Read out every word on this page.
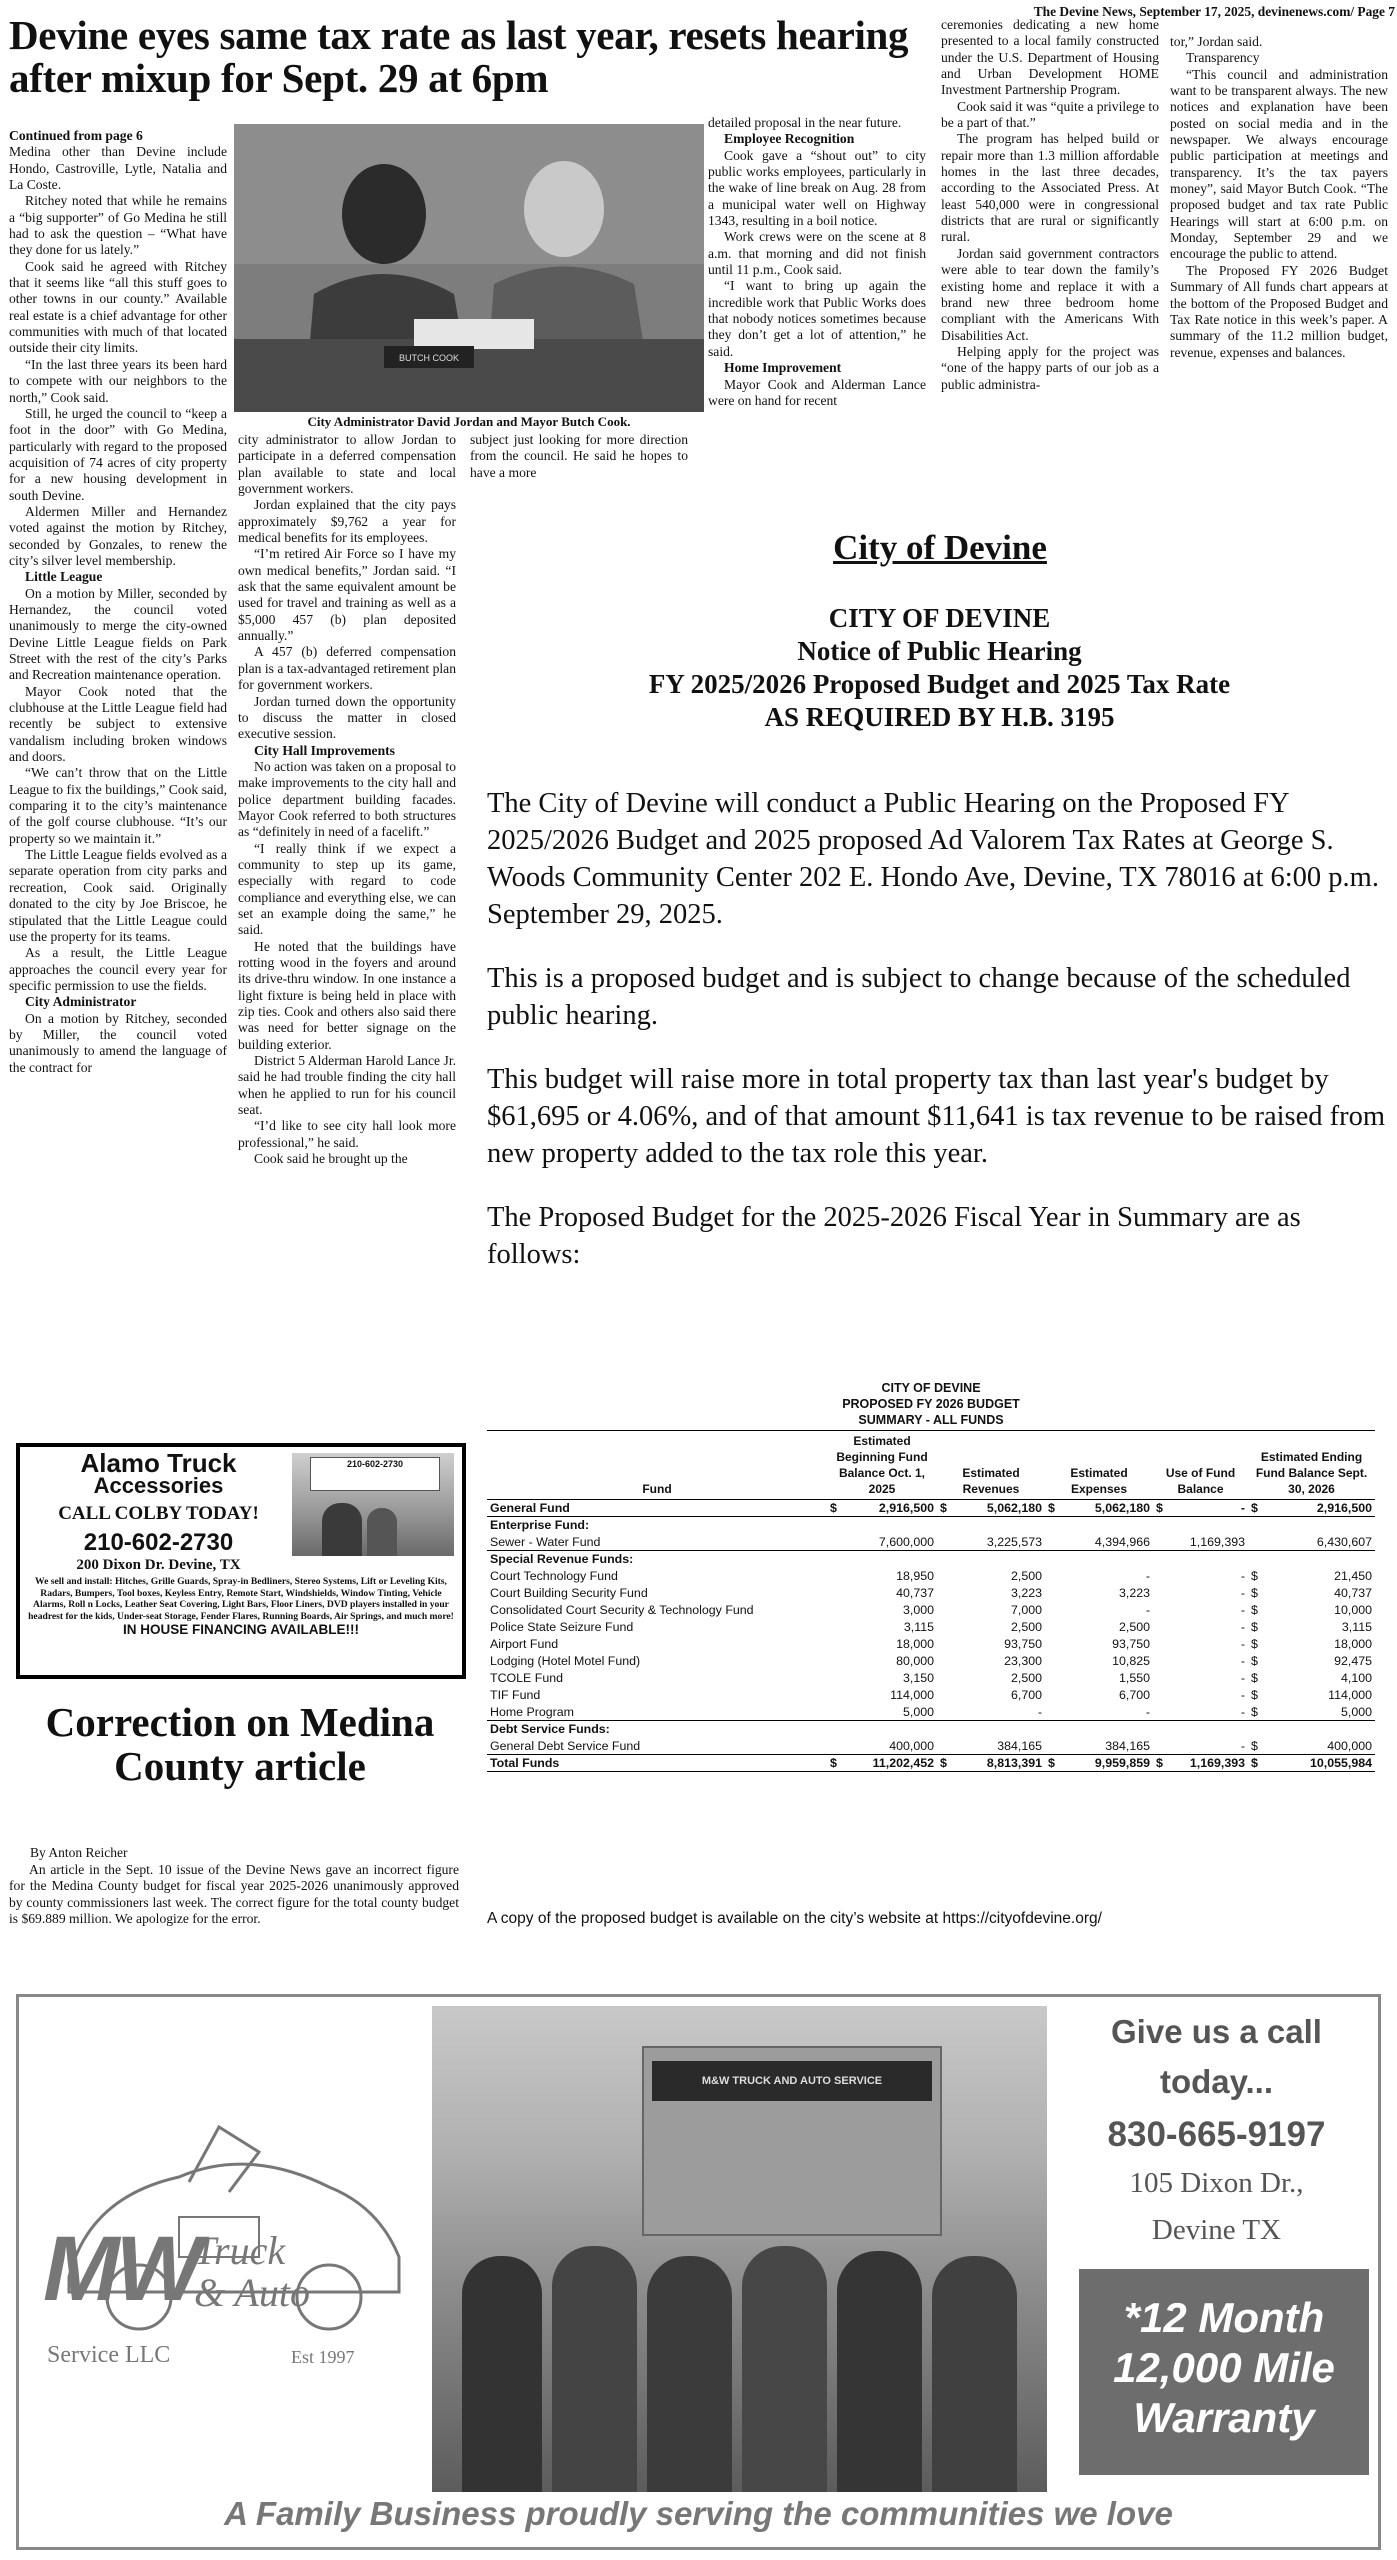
The Devine News, September 17, 2025, devinenews.com/ Page 7
Devine eyes same tax rate as last year, resets hearing after mixup for Sept. 29 at 6pm
BUTCH COOK
City Administrator David Jordan and Mayor Butch Cook.

Continued from page 6

Medina other than Devine include Hondo, Castroville, Lytle, Natalia and La Coste.

Ritchey noted that while he remains a “big supporter” of Go Medina he still had to ask the question – “What have they done for us lately.”

Cook said he agreed with Ritchey that it seems like “all this stuff goes to other towns in our county.” Available real estate is a chief advantage for other communities with much of that located outside their city limits.

“In the last three years its been hard to compete with our neighbors to the north,” Cook said.

Still, he urged the council to “keep a foot in the door” with Go Medina, particularly with regard to the proposed acquisition of 74 acres of city property for a new housing development in south Devine.

Aldermen Miller and Hernandez voted against the motion by Ritchey, seconded by Gonzales, to renew the city’s silver level membership.

Little League

On a motion by Miller, seconded by Hernandez, the council voted unanimously to merge the city-owned Devine Little League fields on Park Street with the rest of the city’s Parks and Recreation maintenance operation.

Mayor Cook noted that the clubhouse at the Little League field had recently be subject to extensive vandalism including broken windows and doors.

“We can’t throw that on the Little League to fix the buildings,” Cook said, comparing it to the city’s maintenance of the golf course clubhouse. “It’s our property so we maintain it.”

The Little League fields evolved as a separate operation from city parks and recreation, Cook said. Originally donated to the city by Joe Briscoe, he stipulated that the Little League could use the property for its teams.

As a result, the Little League approaches the council every year for specific permission to use the fields.

City Administrator

On a motion by Ritchey, seconded by Miller, the council voted unanimously to amend the language of the contract for

city administrator to allow Jordan to participate in a deferred compensation plan available to state and local government workers.

Jordan explained that the city pays approximately $9,762 a year for medical benefits for its employees.

“I’m retired Air Force so I have my own medical benefits,” Jordan said. “I ask that the same equivalent amount be used for travel and training as well as a $5,000 457 (b) plan deposited annually.”

A 457 (b) deferred compensation plan is a tax-advantaged retirement plan for government workers.

Jordan turned down the opportunity to discuss the matter in closed executive session.

City Hall Improvements

No action was taken on a proposal to make improvements to the city hall and police department building facades. Mayor Cook referred to both structures as “definitely in need of a facelift.”

“I really think if we expect a community to step up its game, especially with regard to code compliance and everything else, we can set an example doing the same,” he said.

He noted that the buildings have rotting wood in the foyers and around its drive-thru window. In one instance a light fixture is being held in place with zip ties. Cook and others also said there was need for better signage on the building exterior.

District 5 Alderman Harold Lance Jr. said he had trouble finding the city hall when he applied to run for his council seat.

“I’d like to see city hall look more professional,” he said.

Cook said he brought up the

subject just looking for more direction from the council. He said he hopes to have a more

detailed proposal in the near future.

Employee Recognition

Cook gave a “shout out” to city public works employees, particularly in the wake of line break on Aug. 28 from a municipal water well on Highway 1343, resulting in a boil notice.

Work crews were on the scene at 8 a.m. that morning and did not finish until 11 p.m., Cook said.

“I want to bring up again the incredible work that Public Works does that nobody notices sometimes because they don’t get a lot of attention,” he said.

Home Improvement

Mayor Cook and Alderman Lance were on hand for recent

ceremonies dedicating a new home presented to a local family constructed under the U.S. Department of Housing and Urban Development HOME Investment Partnership Program.

Cook said it was “quite a privilege to be a part of that.”

The program has helped build or repair more than 1.3 million affordable homes in the last three decades, according to the Associated Press. At least 540,000 were in congressional districts that are rural or significantly rural.

Jordan said government contractors were able to tear down the family’s existing home and replace it with a brand new three bedroom home compliant with the Americans With Disabilities Act.

Helping apply for the project was “one of the happy parts of our job as a public administra-

tor,” Jordan said.

Transparency

“This council and administration want to be transparent always. The new notices and explanation have been posted on social media and in the newspaper. We always encourage public participation at meetings and transparency. It’s the tax payers money”, said Mayor Butch Cook. “The proposed budget and tax rate Public Hearings will start at 6:00 p.m. on Monday, September 29 and we encourage the public to attend.

The Proposed FY 2026 Budget Summary of All funds chart appears at the bottom of the Proposed Budget and Tax Rate notice in this week’s paper. A summary of the 11.2 million budget, revenue, expenses and balances.

City of Devine
CITY OF DEVINE
Notice of Public Hearing
FY 2025/2026 Proposed Budget and 2025 Tax Rate
AS REQUIRED BY H.B. 3195

The City of Devine will conduct a Public Hearing on the Proposed FY 2025/2026 Budget and 2025 proposed Ad Valorem Tax Rates at George S. Woods Community Center 202 E. Hondo Ave, Devine, TX 78016 at 6:00 p.m. September 29, 2025.

This is a proposed budget and is subject to change because of the scheduled public hearing.

This budget will raise more in total property tax than last year's budget by $61,695 or 4.06%, and of that amount $11,641 is tax revenue to be raised from new property added to the tax role this year.

The Proposed Budget for the 2025-2026 Fiscal Year in Summary are as follows:

CITY OF DEVINE
PROPOSED FY 2026 BUDGET
SUMMARY - ALL FUNDS
Fund	Estimated Beginning Fund Balance Oct. 1, 2025		Estimated Revenues		Estimated Expenses		Use of Fund Balance		Estimated Ending Fund Balance Sept. 30, 2026	
General Fund	$	2,916,500	$	5,062,180	$	5,062,180	$	-	$	2,916,500
Enterprise Fund:										
Sewer - Water Fund		7,600,000		3,225,573		4,394,966		1,169,393		6,430,607
Special Revenue Funds:										
Court Technology Fund		18,950		2,500		-		-	$	21,450
Court Building Security Fund		40,737		3,223		3,223		-	$	40,737
Consolidated Court Security & Technology Fund		3,000		7,000		-		-	$	10,000
Police State Seizure Fund		3,115		2,500		2,500		-	$	3,115
Airport Fund		18,000		93,750		93,750		-	$	18,000
Lodging (Hotel Motel Fund)		80,000		23,300		10,825		-	$	92,475
TCOLE Fund		3,150		2,500		1,550		-	$	4,100
TIF Fund		114,000		6,700		6,700		-	$	114,000
Home Program		5,000		-		-		-	$	5,000
Debt Service Funds:										
General Debt Service Fund		400,000		384,165		384,165		-	$	400,000
Total Funds	$	11,202,452	$	8,813,391	$	9,959,859	$	1,169,393	$	10,055,984
A copy of the proposed budget is available on the city’s website at https://cityofdevine.org/
Alamo Truck
Accessories
CALL COLBY TODAY!
210-602-2730
200 Dixon Dr. Devine, TX
We sell and install: Hitches, Grille Guards, Spray-in Bedliners, Stereo Systems, Lift or Leveling Kits, Radars, Bumpers, Tool boxes, Keyless Entry, Remote Start, Windshields, Window Tinting, Vehicle Alarms, Roll n Locks, Leather Seat Covering, Light Bars, Floor Liners, DVD players installed in your headrest for the kids, Under-seat Storage, Fender Flares, Running Boards, Air Springs, and much more!
IN HOUSE FINANCING AVAILABLE!!!
210-602-2730
Correction on Medina County article
By Anton Reicher
An article in the Sept. 10 issue of the Devine News gave an incorrect figure for the Medina County budget for fiscal year 2025-2026 unanimously approved by county commissioners last week. The correct figure for the total county budget is $69.889 million. We apologize for the error.
MW
Truck
& Auto
Service LLC	Est 1997
M&W TRUCK AND AUTO SERVICE
Give us a call
today...
830-665-9197
105 Dixon Dr.,
Devine TX
*12 Month
12,000 Mile
Warranty
A Family Business proudly serving the communities we love
